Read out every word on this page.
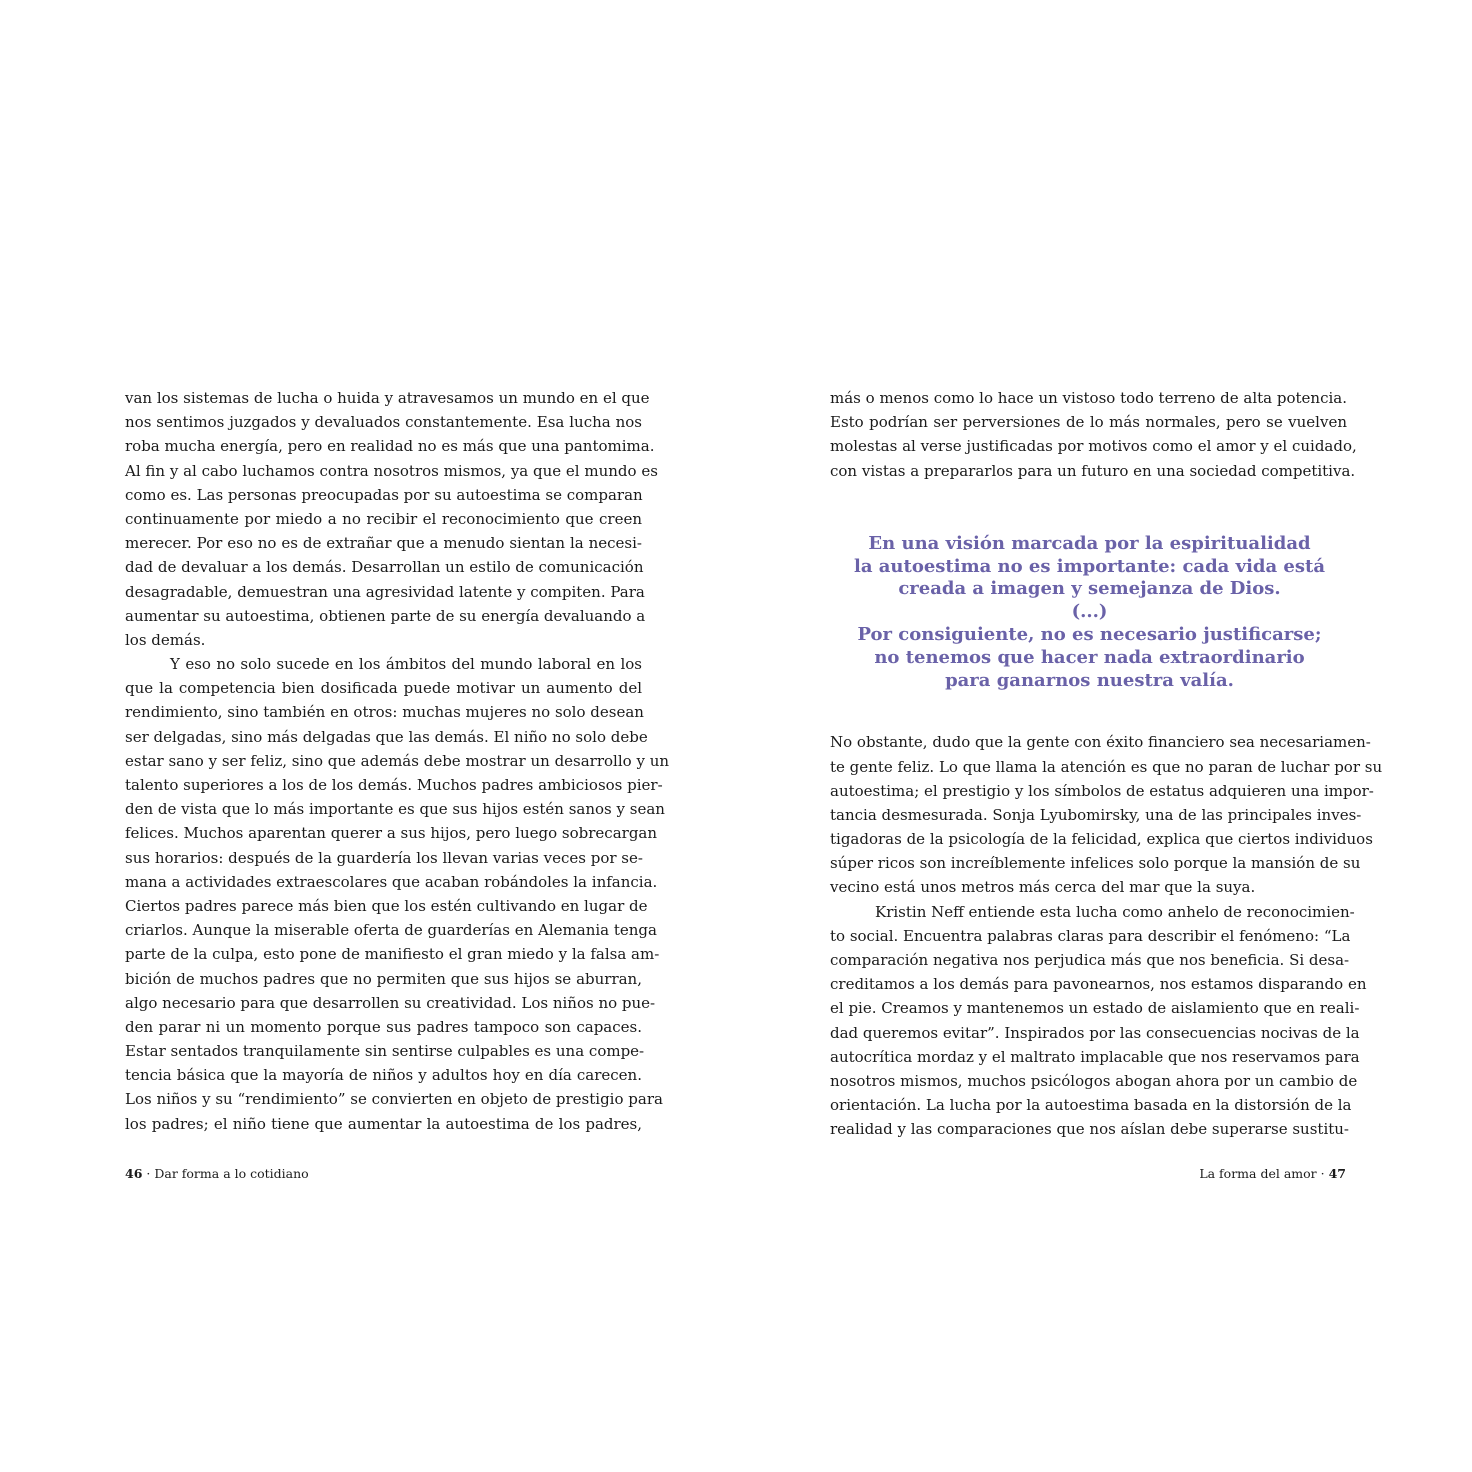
van los sistemas de lucha o huida y atravesamos un mundo en el que
nos sentimos juzgados y devaluados constantemente. Esa lucha nos
roba mucha energía, pero en realidad no es más que una pantomima.
Al fin y al cabo luchamos contra nosotros mismos, ya que el mundo es
como es. Las personas preocupadas por su autoestima se comparan
continuamente por miedo a no recibir el reconocimiento que creen
merecer. Por eso no es de extrañar que a menudo sientan la necesi-
dad de devaluar a los demás. Desarrollan un estilo de comunicación
desagradable, demuestran una agresividad latente y compiten. Para
aumentar su autoestima, obtienen parte de su energía devaluando a
los demás.
Y eso no solo sucede en los ámbitos del mundo laboral en los
que la competencia bien dosificada puede motivar un aumento del
rendimiento, sino también en otros: muchas mujeres no solo desean
ser delgadas, sino más delgadas que las demás. El niño no solo debe
estar sano y ser feliz, sino que además debe mostrar un desarrollo y un
talento superiores a los de los demás. Muchos padres ambiciosos pier-
den de vista que lo más importante es que sus hijos estén sanos y sean
felices. Muchos aparentan querer a sus hijos, pero luego sobrecargan
sus horarios: después de la guardería los llevan varias veces por se-
mana a actividades extraescolares que acaban robándoles la infancia.
Ciertos padres parece más bien que los estén cultivando en lugar de
criarlos. Aunque la miserable oferta de guarderías en Alemania tenga
parte de la culpa, esto pone de manifiesto el gran miedo y la falsa am-
bición de muchos padres que no permiten que sus hijos se aburran,
algo necesario para que desarrollen su creatividad. Los niños no pue-
den parar ni un momento porque sus padres tampoco son capaces.
Estar sentados tranquilamente sin sentirse culpables es una compe-
tencia básica que la mayoría de niños y adultos hoy en día carecen.
Los niños y su “rendimiento” se convierten en objeto de prestigio para
los padres; el niño tiene que aumentar la autoestima de los padres,
más o menos como lo hace un vistoso todo terreno de alta potencia.
Esto podrían ser perversiones de lo más normales, pero se vuelven
molestas al verse justificadas por motivos como el amor y el cuidado,
con vistas a prepararlos para un futuro en una sociedad competitiva.
En una visión marcada por la espiritualidad
la autoestima no es importante: cada vida está
creada a imagen y semejanza de Dios.
(...)
Por consiguiente, no es necesario justificarse;
no tenemos que hacer nada extraordinario
para ganarnos nuestra valía.
No obstante, dudo que la gente con éxito financiero sea necesariamen-
te gente feliz. Lo que llama la atención es que no paran de luchar por su
autoestima; el prestigio y los símbolos de estatus adquieren una impor-
tancia desmesurada. Sonja Lyubomirsky, una de las principales inves-
tigadoras de la psicología de la felicidad, explica que ciertos individuos
súper ricos son increíblemente infelices solo porque la mansión de su
vecino está unos metros más cerca del mar que la suya.
Kristin Neff entiende esta lucha como anhelo de reconocimien-
to social. Encuentra palabras claras para describir el fenómeno: “La
comparación negativa nos perjudica más que nos beneficia. Si desa-
creditamos a los demás para pavonearnos, nos estamos disparando en
el pie. Creamos y mantenemos un estado de aislamiento que en reali-
dad queremos evitar”. Inspirados por las consecuencias nocivas de la
autocrítica mordaz y el maltrato implacable que nos reservamos para
nosotros mismos, muchos psicólogos abogan ahora por un cambio de
orientación. La lucha por la autoestima basada en la distorsión de la
realidad y las comparaciones que nos aíslan debe superarse sustitu-
46 · Dar forma a lo cotidiano	La forma del amor · 47
